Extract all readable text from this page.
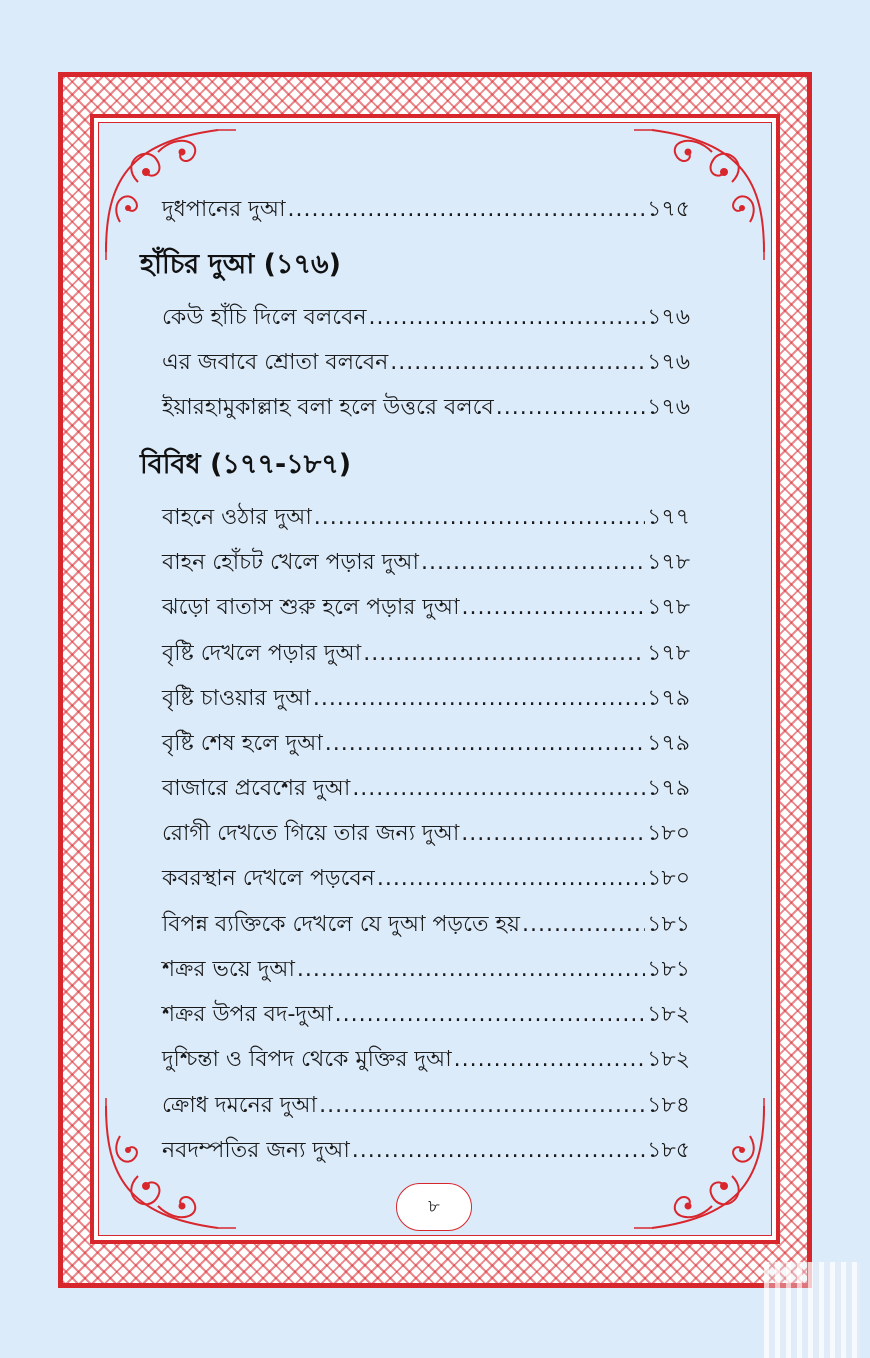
দুধপানের দুআ .....	১৭৫
হাঁচির দুআ (১৭৬)
কেউ হাঁচি দিলে বলবেন .....	১৭৬
এর জবাবে শ্রোতা বলবেন .....	১৭৬
ইয়ারহামুকাল্লাহ বলা হলে উত্তরে বলবে .....	১৭৬
বিবিধ (১৭৭-১৮৭)
বাহনে ওঠার দুআ .....	১৭৭
বাহন হোঁচট খেলে পড়ার দুআ .....	১৭৮
ঝড়ো বাতাস শুরু হলে পড়ার দুআ .....	১৭৮
বৃষ্টি দেখলে পড়ার দুআ .....	১৭৮
বৃষ্টি চাওয়ার দুআ .....	১৭৯
বৃষ্টি শেষ হলে দুআ .....	১৭৯
বাজারে প্রবেশের দুআ .....	১৭৯
রোগী দেখতে গিয়ে তার জন্য দুআ .....	১৮০
কবরস্থান দেখলে পড়বেন .....	১৮০
বিপন্ন ব্যক্তিকে দেখলে যে দুআ পড়তে হয় .....	১৮১
শক্রর ভয়ে দুআ .....	১৮১
শক্রর উপর বদ-দুআ .....	১৮২
দুশ্চিন্তা ও বিপদ থেকে মুক্তির দুআ .....	১৮২
ক্রোধ দমনের দুআ .....	১৮৪
নবদম্পতির জন্য দুআ .....	১৮৫
৮
